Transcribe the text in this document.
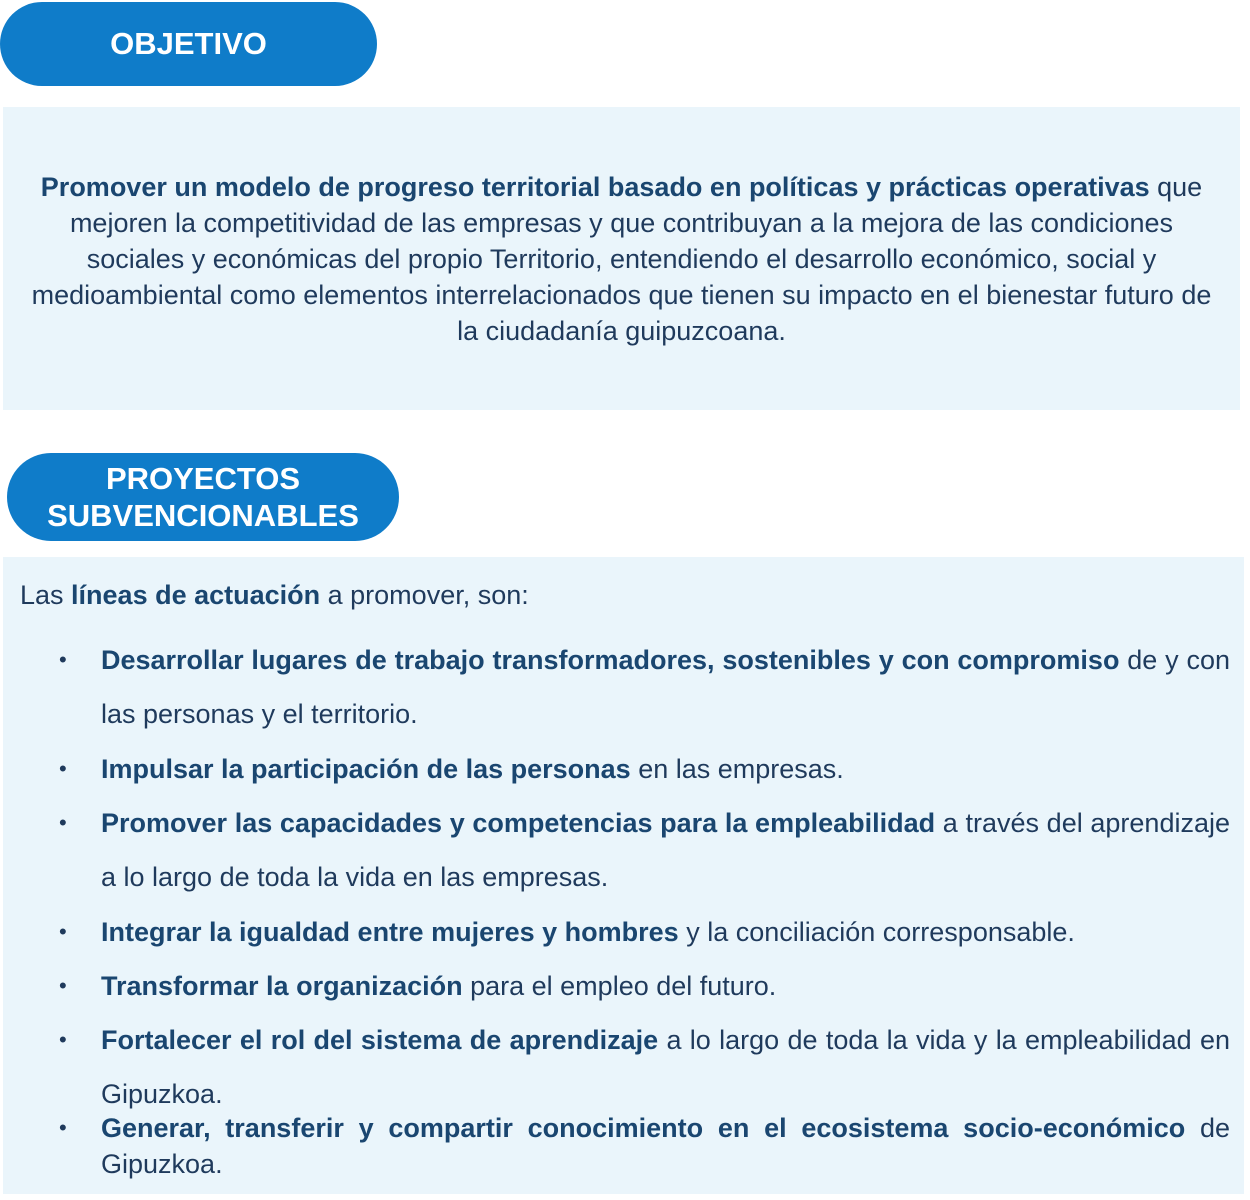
OBJETIVO
Promover un modelo de progreso territorial basado en políticas y prácticas operativas que mejoren la competitividad de las empresas y que contribuyan a la mejora de las condiciones sociales y económicas del propio Territorio, entendiendo el desarrollo económico, social y medioambiental como elementos interrelacionados que tienen su impacto en el bienestar futuro de la ciudadanía guipuzcoana.
PROYECTOS
SUBVENCIONABLES
Las líneas de actuación a promover, son:
• Desarrollar lugares de trabajo transformadores, sostenibles y con compromiso de y con las personas y el territorio.
• Impulsar la participación de las personas en las empresas.
• Promover las capacidades y competencias para la empleabilidad a través del aprendizaje a lo largo de toda la vida en las empresas.
• Integrar la igualdad entre mujeres y hombres y la conciliación corresponsable.
• Transformar la organización para el empleo del futuro.
• Fortalecer el rol del sistema de aprendizaje a lo largo de toda la vida y la empleabilidad en Gipuzkoa.
• Generar, transferir y compartir conocimiento en el ecosistema socio-económico de Gipuzkoa.
